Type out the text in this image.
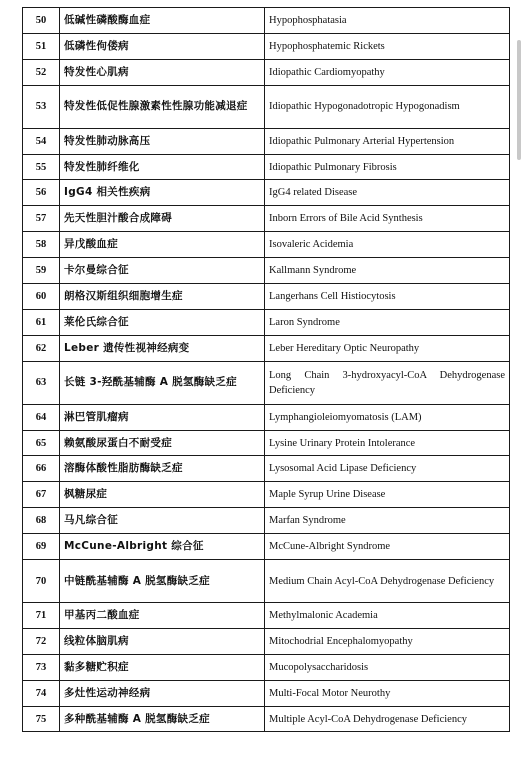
50	低碱性磷酸酶血症	Hypophosphatasia
51	低磷性佝偻病	Hypophosphatemic Rickets
52	特发性心肌病	Idiopathic Cardiomyopathy
53	特发性低促性腺激素性性腺功能减退症	Idiopathic Hypogonadotropic Hypogonadism
54	特发性肺动脉高压	Idiopathic Pulmonary Arterial Hypertension
55	特发性肺纤维化	Idiopathic Pulmonary Fibrosis
56	IgG4 相关性疾病	IgG4 related Disease
57	先天性胆汁酸合成障碍	Inborn Errors of Bile Acid Synthesis
58	异戊酸血症	Isovaleric Acidemia
59	卡尔曼综合征	Kallmann Syndrome
60	朗格汉斯组织细胞增生症	Langerhans Cell Histiocytosis
61	莱伦氏综合征	Laron Syndrome
62	Leber 遗传性视神经病变	Leber Hereditary Optic Neuropathy
63	长链 3-羟酰基辅酶 A 脱氢酶缺乏症	Long Chain 3-hydroxyacyl-CoA Dehydrogenase Deficiency
64	淋巴管肌瘤病	Lymphangioleiomyomatosis (LAM)
65	赖氨酸尿蛋白不耐受症	Lysine Urinary Protein Intolerance
66	溶酶体酸性脂肪酶缺乏症	Lysosomal Acid Lipase Deficiency
67	枫糖尿症	Maple Syrup Urine Disease
68	马凡综合征	Marfan Syndrome
69	McCune-Albright 综合征	McCune-Albright Syndrome
70	中链酰基辅酶 A 脱氢酶缺乏症	Medium Chain Acyl-CoA Dehydrogenase Deficiency
71	甲基丙二酸血症	Methylmalonic Academia
72	线粒体脑肌病	Mitochodrial Encephalomyopathy
73	黏多糖贮积症	Mucopolysaccharidosis
74	多灶性运动神经病	Multi-Focal Motor Neurothy
75	多种酰基辅酶 A 脱氢酶缺乏症	Multiple Acyl-CoA Dehydrogenase Deficiency
